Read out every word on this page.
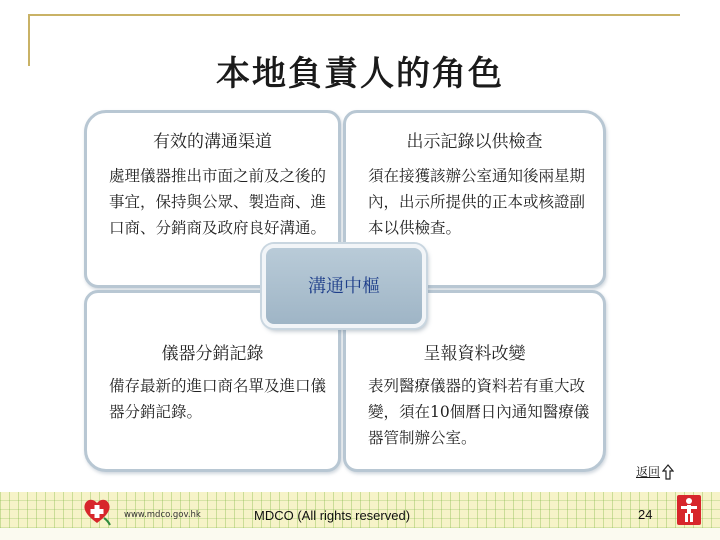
本地負責人的角色
有效的溝通渠道
處理儀器推出市面之前及之後的事宜，保持與公眾、製造商、進口商、分銷商及政府良好溝通。
出示記錄以供檢查
須在接獲該辦公室通知後兩星期內，出示所提供的正本或核證副本以供檢查。
儀器分銷記錄
備存最新的進口商名單及進口儀器分銷記錄。
呈報資料改變
表列醫療儀器的資料若有重大改變，須在10個曆日內通知醫療儀器管制辦公室。
溝通中樞
返回
www.mdco.gov.hk	MDCO (All rights reserved)	24
